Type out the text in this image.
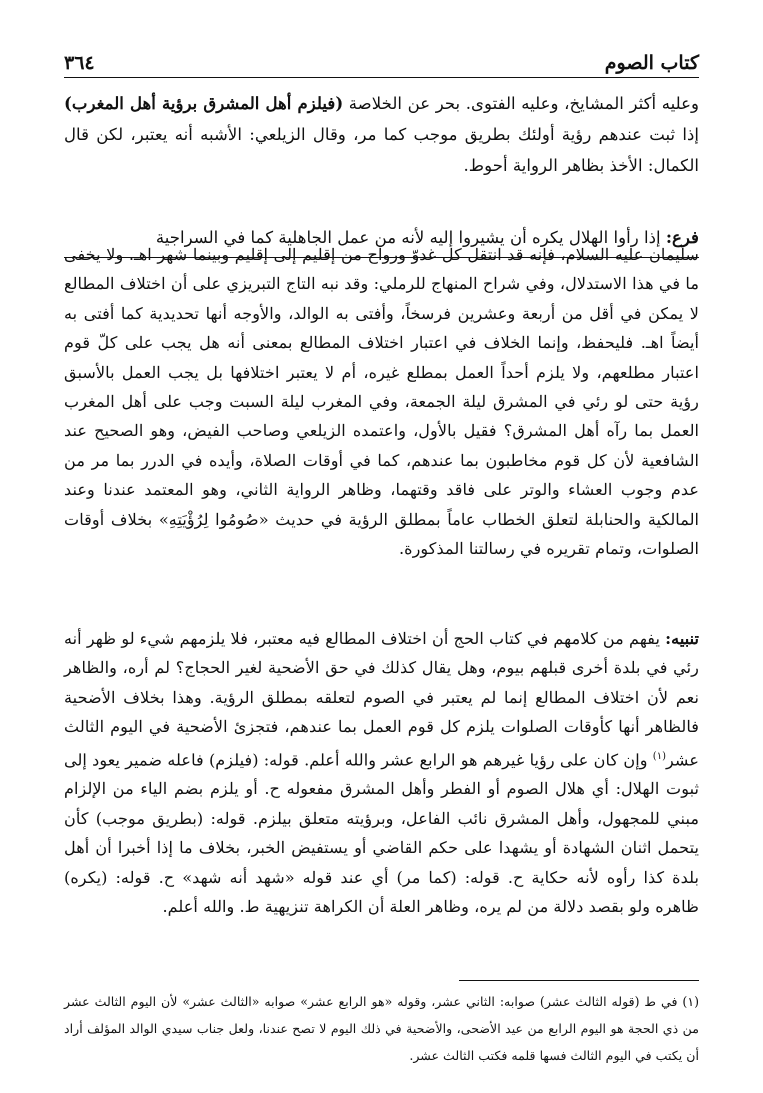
كتاب الصوم
٣٦٤

وعليه أكثر المشايخ، وعليه الفتوى. بحر عن الخلاصة (فيلزم أهل المشرق برؤية أهل المغرب) إذا ثبت عندهم رؤية أولئك بطريق موجب كما مر، وقال الزيلعي: الأشبه أنه يعتبر، لكن قال الكمال: الأخذ بظاهر الرواية أحوط.

فرع: إذا رأوا الهلال يكره أن يشيروا إليه لأنه من عمل الجاهلية كما في السراجية

سليمان عليه السلام، فإنه قد انتقل كل غدوّ ورواح من إقليم إلى إقليم وبينما شهر اهـ. ولا يخفى ما في هذا الاستدلال، وفي شراح المنهاج للرملي: وقد نبه التاج التبريزي على أن اختلاف المطالع لا يمكن في أقل من أربعة وعشرين فرسخاً، وأفتى به الوالد، والأوجه أنها تحديدية كما أفتى به أيضاً اهـ. فليحفظ، وإنما الخلاف في اعتبار اختلاف المطالع بمعنى أنه هل يجب على كلّ قوم اعتبار مطلعهم، ولا يلزم أحداً العمل بمطلع غيره، أم لا يعتبر اختلافها بل يجب العمل بالأسبق رؤية حتى لو رئي في المشرق ليلة الجمعة، وفي المغرب ليلة السبت وجب على أهل المغرب العمل بما رآه أهل المشرق؟ فقيل بالأول، واعتمده الزيلعي وصاحب الفيض، وهو الصحيح عند الشافعية لأن كل قوم مخاطبون بما عندهم، كما في أوقات الصلاة، وأيده في الدرر بما مر من عدم وجوب العشاء والوتر على فاقد وقتهما، وظاهر الرواية الثاني، وهو المعتمد عندنا وعند المالكية والحنابلة لتعلق الخطاب عاماً بمطلق الرؤية في حديث «صُومُوا لِرُؤْيَتِهِ» بخلاف أوقات الصلوات، وتمام تقريره في رسالتنا المذكورة.

تنبيه: يفهم من كلامهم في كتاب الحج أن اختلاف المطالع فيه معتبر، فلا يلزمهم شيء لو ظهر أنه رئي في بلدة أخرى قبلهم بيوم، وهل يقال كذلك في حق الأضحية لغير الحجاج؟ لم أره، والظاهر نعم لأن اختلاف المطالع إنما لم يعتبر في الصوم لتعلقه بمطلق الرؤية. وهذا بخلاف الأضحية فالظاهر أنها كأوقات الصلوات يلزم كل قوم العمل بما عندهم، فتجزئ الأضحية في اليوم الثالث عشر$^{(١)}$ وإن كان على رؤيا غيرهم هو الرابع عشر والله أعلم. قوله: (فيلزم) فاعله ضمير يعود إلى ثبوت الهلال: أي هلال الصوم أو الفطر وأهل المشرق مفعوله ح. أو يلزم بضم الياء من الإلزام مبني للمجهول، وأهل المشرق نائب الفاعل، وبرؤيته متعلق بيلزم. قوله: (بطريق موجب) كأن يتحمل اثنان الشهادة أو يشهدا على حكم القاضي أو يستفيض الخبر، بخلاف ما إذا أخبرا أن أهل بلدة كذا رأوه لأنه حكاية ح. قوله: (كما مر) أي عند قوله «شهد أنه شهد» ح. قوله: (يكره) ظاهره ولو بقصد دلالة من لم يره، وظاهر العلة أن الكراهة تنزيهية ط. والله أعلم.

(١) في ط (قوله الثالث عشر) صوابه: الثاني عشر، وقوله «هو الرابع عشر» صوابه «الثالث عشر» لأن اليوم الثالث عشر من ذي الحجة هو اليوم الرابع من عيد الأضحى، والأضحية في ذلك اليوم لا تصح عندنا، ولعل جناب سيدي الوالد المؤلف أراد أن يكتب في اليوم الثالث فسها قلمه فكتب الثالث عشر.
